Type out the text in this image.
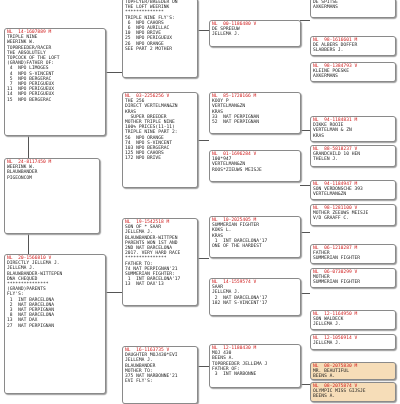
NL  14-1607889 M
TRIPLE NINE
WEERINK W.
TOPBREEDER/RACER
THE ABSOLUTELY
TOPCOCK OF THE LOFT
(GRAND)FATHER OF:
4  NPO LIMOGES
4  NPO S-VINCENT
5  NPO BERGERAC
7  NPO PERIGUEUX
11  NPO PERIGUEUX
14  NPO PERIGUEUX
15  NPO BERGERAC
NL  24-8117450 M
WEERINK W.
BLAUWBANDER
PIGEONCOM
NL  20-1566810 V
DIRECTLY JELLEMA J.
JELLEMA J.
BLAUWBANDER-WITTEPEN
DNA CHEQUED
***************
(GRAND)PARENTS
FLY'S:
1  INT BARCELONA
2  NAT BARCELONA
3  NAT PERPIGNAN
8  NAT BARCELONA
13  NAT DAX
27  NAT PERPIGNAN
TOPFLYER/BREEDER ON
THE LOFT WEERINK
**************
TRIPLE NINE FLY'S:
6  NPO CAHORS
6  NPO AURILLAC
10  NPO BRIVE
25  NPO PERIGUEUX
26  NPO ORANGE
SEE PART 2 MOTHER
NL  03-2256256 V
THE 256
DIRECT VERTELMAN&ZN
KRAS
SUPER BREEDER
MOTHER TRIPLE NINE
100% PRICES(11-11)
TRIPLE NINE PART 2:
56  NPO ORANGE
74  NPO S-VINCENT
103 NPO BERGERAC
125 NPO CAHORS
172 NPO BRIVE
NL  19-1542518 M
SON OF * SAAR
JELLEMA J.
BLAUWBANDER-WITTPEN
PARENTS WON 1ST AND
2ND NAT BARCELONA
2017. VERY HARD RACE
***************
FATHER TO:
74 NAT PERPIGNAN'21
SUMMERIAN FIGHTER:
1  INT BARCELONA'17
13  NAT DAX'13
NL  16-1163735 V
DAUGHTER MOJ430*EVI
JELLEMA J.
BLAUWBANDER
MOTHER TO:
375 NAT NARBONNE'21
EVI FLY'S:
NL  00-1186480 V
DE SPREEUW
JELLEMA J.
NL  85-1720166 M
KOOY P
VERTELMAN&ZN
KRAS
33  NAT PERPIGNAN
52  NAT PERPIGNAN
NL  01-1696284 V
100*947
VERTELMAN&ZN
ROOS*ZIEUWS MEISJE
NL  10-2025405 M
SUMMERIAN FIGHTER
KOKS L.
KRAS
1  INT BARCELONA'17
ONE OF THE HARDEST
NL  14-1559574 V
SAAR
JELLEMA J.
2  NAT BARCELONA'17
182 NAT S-VINCENT'17
NL  12-1180430 M
MOJ 430
BEENS A.
TOPBREEDER JELLEMA J
FATHER OF:
3  INT NARBONNE
DE SPITSE
AXKERMANS
NL  98-1616601 M
DE ALBERS DOFFER
SLABBERS J.
NL  98-1384793 V
KLEINE POESKE
AXKERMANS
NL  94-1184831 M
DIKKE ROOIE
VERTELMAN & ZN
KRAS
NL  88-5818237 V
GRANDCHILD 10 HEN
THELEN J.
NL  94-1184947 M
SON VERDONSCHE 393
VERTELMAN&ZN
NL  98-1281100 V
MOTHER ZEEUWS MEISJE
V/D GRAAFF C.
NL  06-1210287 M
FATHER
SUMMERIAN FIGHTER
NL  06-0730299 V
MOTHER
SUMMERIAN FIGHTER
NL  12-1164950 M
SON WALDECK
JELLEMA J.
NL  12-1056914 V
JELLEMA J.
NL  08-2075830 M
MR. BEAUTIFUL
BEENS A.
NL  08-2075874 V
OLYMPIC MISS GIJSJE
BEENS A.
